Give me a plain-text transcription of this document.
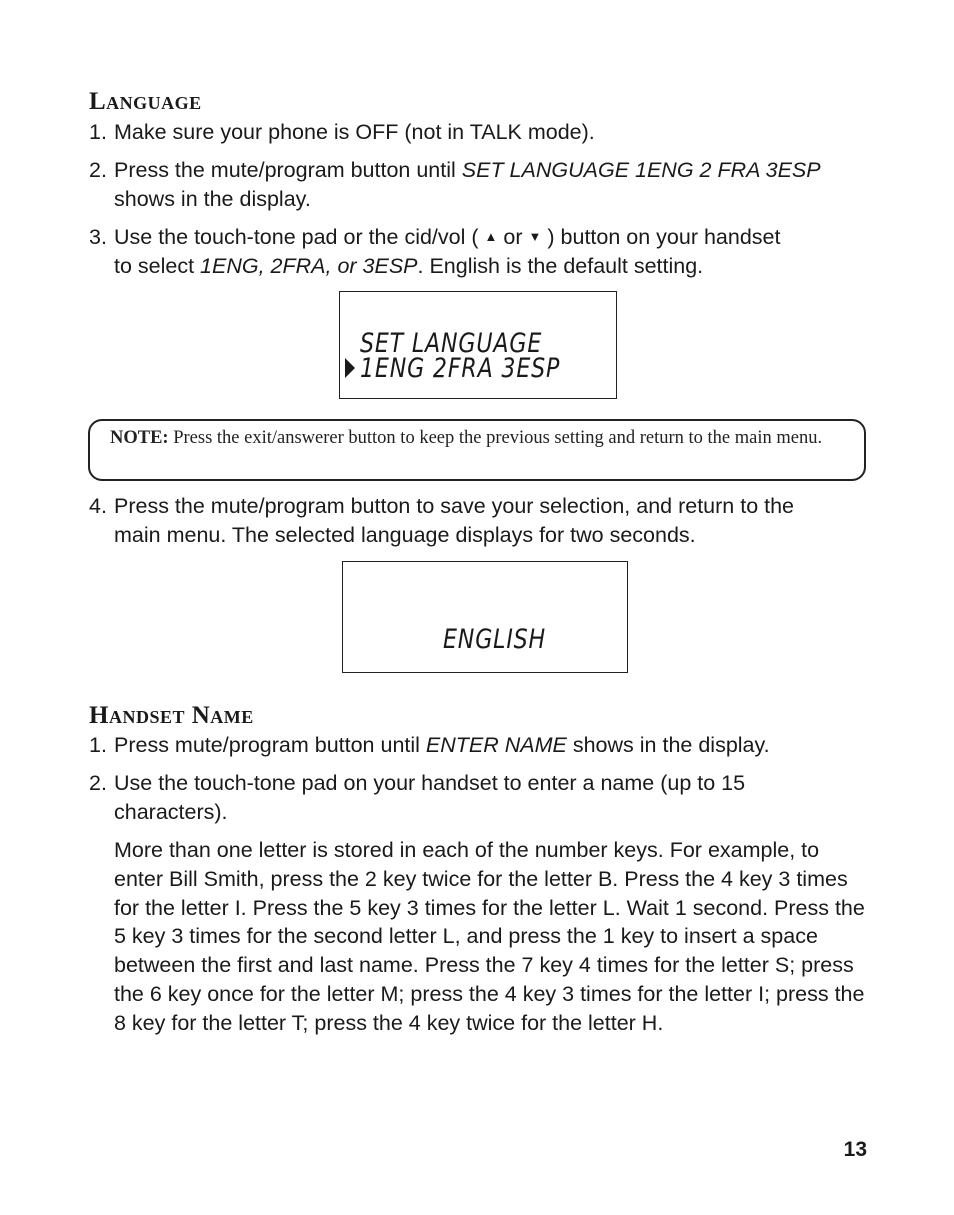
Language

1. Make sure your phone is OFF (not in TALK mode).

2. Press the mute/program button until SET LANGUAGE 1ENG 2 FRA 3ESP
shows in the display.

3. Use the touch-tone pad or the cid/vol ( ▲ or ▼ ) button on your handset
to select 1ENG, 2FRA, or 3ESP. English is the default setting.

SET LANGUAGE
1ENG 2FRA 3ESP
NOTE: Press the exit/answerer button to keep the previous setting and return to the main menu.

4. Press the mute/program button to save your selection, and return to the
main menu. The selected language displays for two seconds.

ENGLISH
Handset Name

1. Press mute/program button until ENTER NAME shows in the display.

2. Use the touch-tone pad on your handset to enter a name (up to 15
characters).

More than one letter is stored in each of the number keys. For example, to enter Bill Smith, press the 2 key twice for the letter B. Press the 4 key 3 times for the letter I. Press the 5 key 3 times for the letter L. Wait 1 second. Press the 5 key 3 times for the second letter L, and press the 1 key to insert a space between the first and last name. Press the 7 key 4 times for the letter S; press the 6 key once for the letter M; press the 4 key 3 times for the letter I; press the 8 key for the letter T; press the 4 key twice for the letter H.

13
